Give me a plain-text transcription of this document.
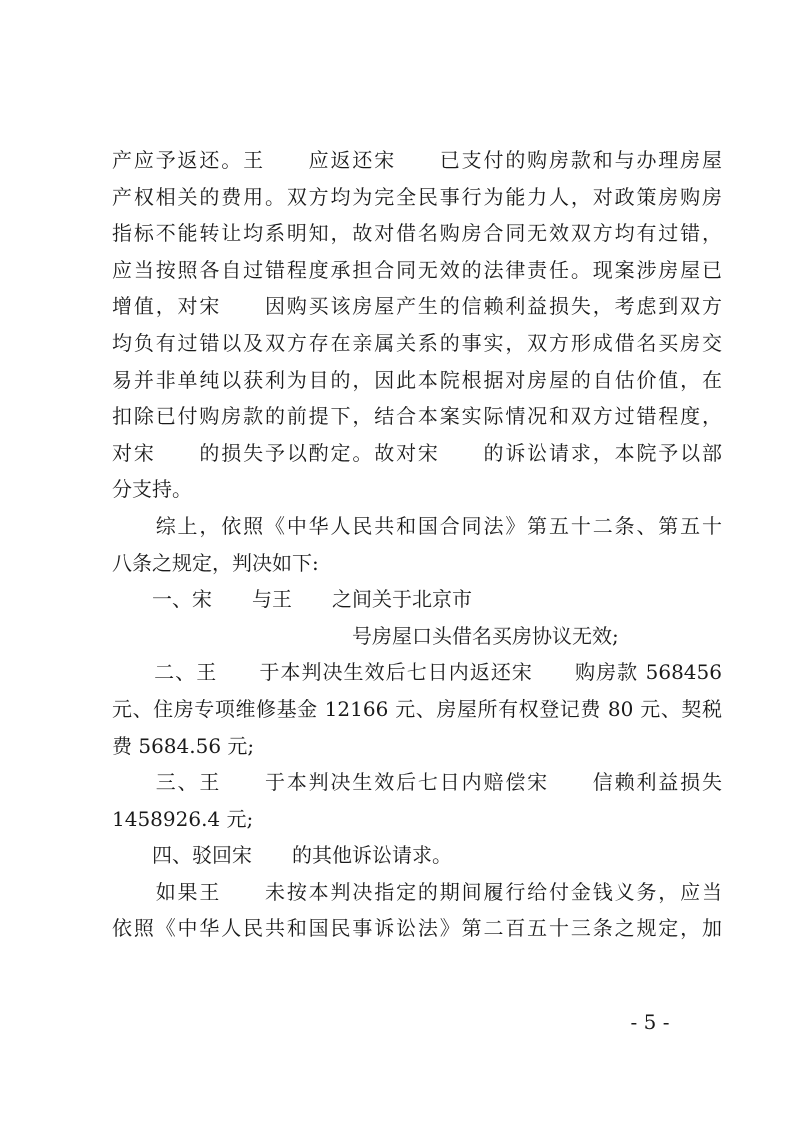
产应予返还。王　　应返还宋　　已支付的购房款和与办理房屋
产权相关的费用。双方均为完全民事行为能力人，对政策房购房
指标不能转让均系明知，故对借名购房合同无效双方均有过错，
应当按照各自过错程度承担合同无效的法律责任。现案涉房屋已
增值，对宋　　因购买该房屋产生的信赖利益损失，考虑到双方
均负有过错以及双方存在亲属关系的事实，双方形成借名买房交
易并非单纯以获利为目的，因此本院根据对房屋的自估价值，在
扣除已付购房款的前提下，结合本案实际情况和双方过错程度，
对宋　　的损失予以酌定。故对宋　　的诉讼请求，本院予以部
分支持。
　　综上，依照《中华人民共和国合同法》第五十二条、第五十
八条之规定，判决如下:
　　一、宋　　与王　　之间关于北京市
　　　　　　　　　　　　号房屋口头借名买房协议无效;
　　二、王　　于本判决生效后七日内返还宋　　购房款 568456
元、住房专项维修基金 12166 元、房屋所有权登记费 80 元、契税
费 5684.56 元;
　　三、王　　于本判决生效后七日内赔偿宋　　信赖利益损失
1458926.4 元;
　　四、驳回宋　　的其他诉讼请求。
　　如果王　　未按本判决指定的期间履行给付金钱义务，应当
依照《中华人民共和国民事诉讼法》第二百五十三条之规定，加
- 5 -
